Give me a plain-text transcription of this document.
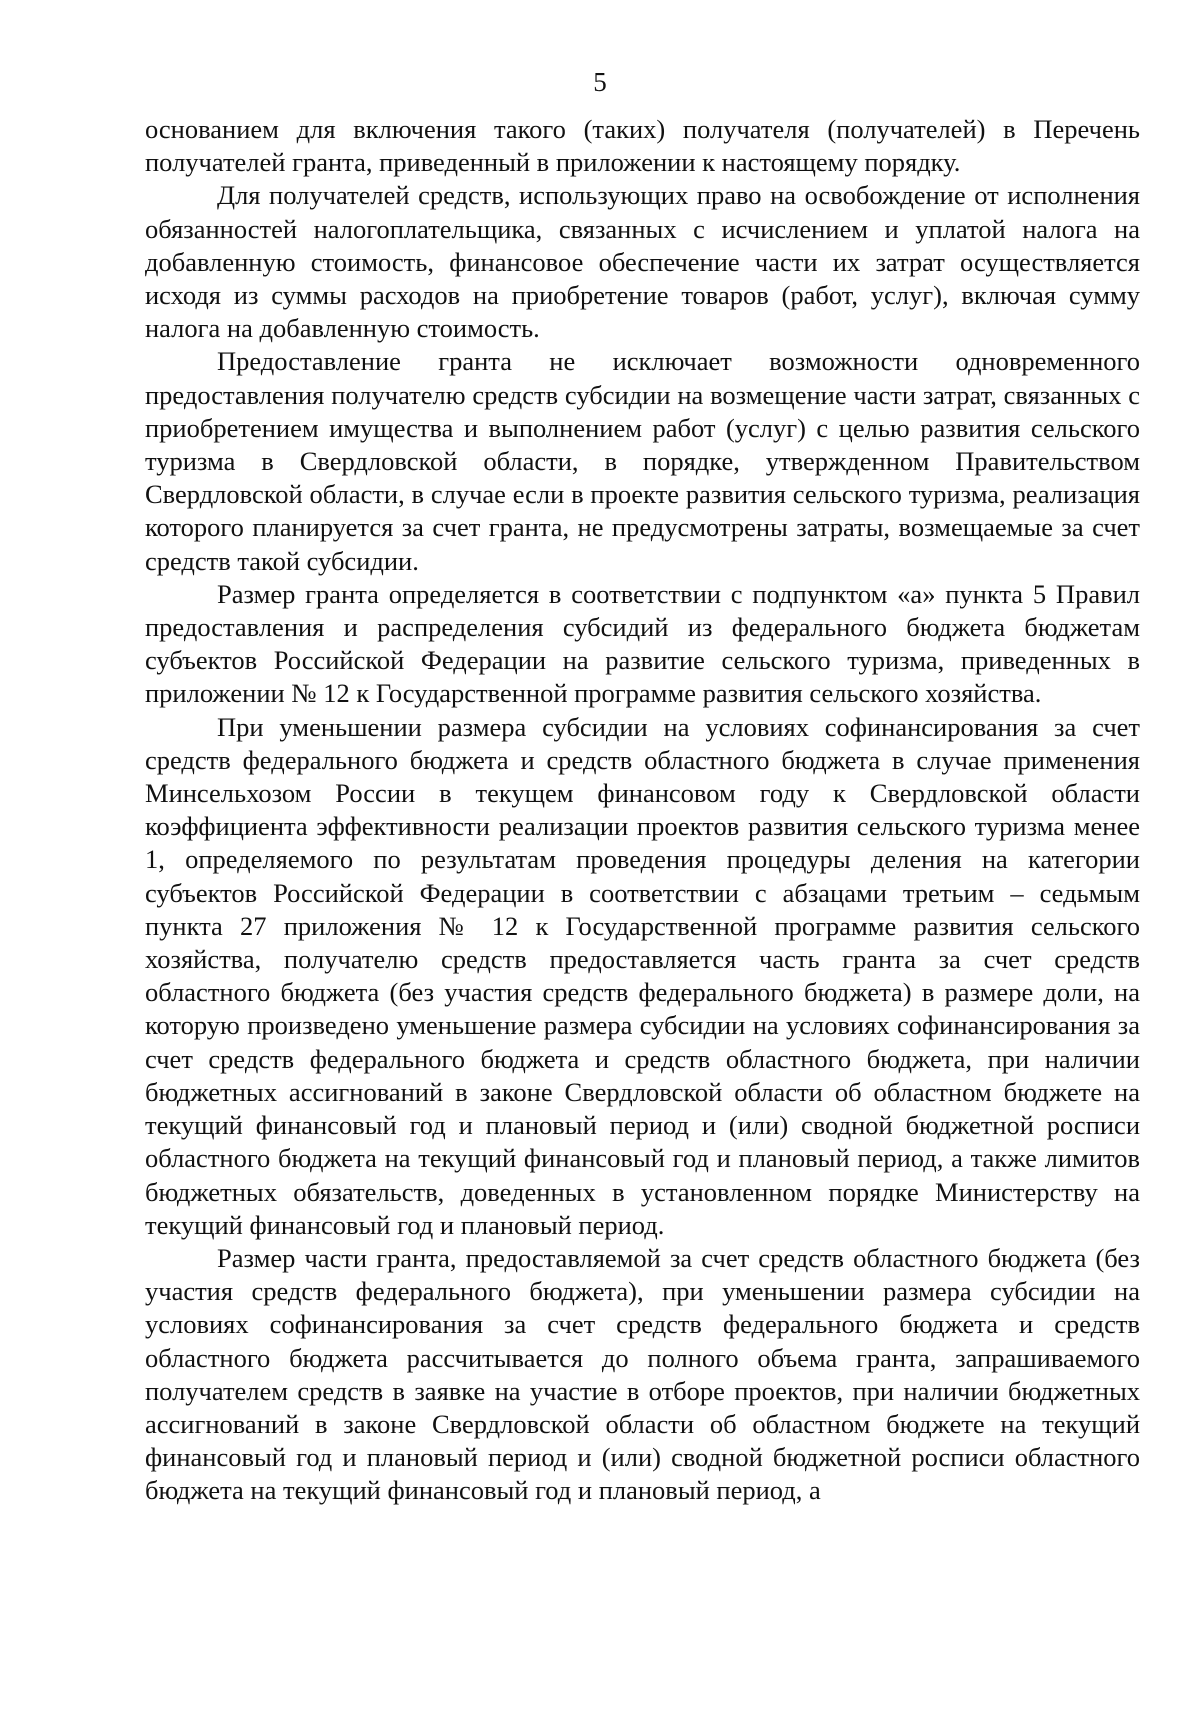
5

основанием для включения такого (таких) получателя (получателей) в Перечень получателей гранта, приведенный в приложении к настоящему порядку.

Для получателей средств, использующих право на освобождение от исполнения обязанностей налогоплательщика, связанных с исчислением и уплатой налога на добавленную стоимость, финансовое обеспечение части их затрат осуществляется исходя из суммы расходов на приобретение товаров (работ, услуг), включая сумму налога на добавленную стоимость.

Предоставление гранта не исключает возможности одновременного предоставления получателю средств субсидии на возмещение части затрат, связанных с приобретением имущества и выполнением работ (услуг) с целью развития сельского туризма в Свердловской области, в порядке, утвержденном Правительством Свердловской области, в случае если в проекте развития сельского туризма, реализация которого планируется за счет гранта, не предусмотрены затраты, возмещаемые за счет средств такой субсидии.

Размер гранта определяется в соответствии с подпунктом «а» пункта 5 Правил предоставления и распределения субсидий из федерального бюджета бюджетам субъектов Российской Федерации на развитие сельского туризма, приведенных в приложении № 12 к Государственной программе развития сельского хозяйства.

При уменьшении размера субсидии на условиях софинансирования за счет средств федерального бюджета и средств областного бюджета в случае применения Минсельхозом России в текущем финансовом году к Свердловской области коэффициента эффективности реализации проектов развития сельского туризма менее 1, определяемого по результатам проведения процедуры деления на категории субъектов Российской Федерации в соответствии с абзацами третьим – седьмым пункта 27 приложения № 12 к Государственной программе развития сельского хозяйства, получателю средств предоставляется часть гранта за счет средств областного бюджета (без участия средств федерального бюджета) в размере доли, на которую произведено уменьшение размера субсидии на условиях софинансирования за счет средств федерального бюджета и средств областного бюджета, при наличии бюджетных ассигнований в законе Свердловской области об областном бюджете на текущий финансовый год и плановый период и (или) сводной бюджетной росписи областного бюджета на текущий финансовый год и плановый период, а также лимитов бюджетных обязательств, доведенных в установленном порядке Министерству на текущий финансовый год и плановый период.

Размер части гранта, предоставляемой за счет средств областного бюджета (без участия средств федерального бюджета), при уменьшении размера субсидии на условиях софинансирования за счет средств федерального бюджета и средств областного бюджета рассчитывается до полного объема гранта, запрашиваемого получателем средств в заявке на участие в отборе проектов, при наличии бюджетных ассигнований в законе Свердловской области об областном бюджете на текущий финансовый год и плановый период и (или) сводной бюджетной росписи областного бюджета на текущий финансовый год и плановый период, а
